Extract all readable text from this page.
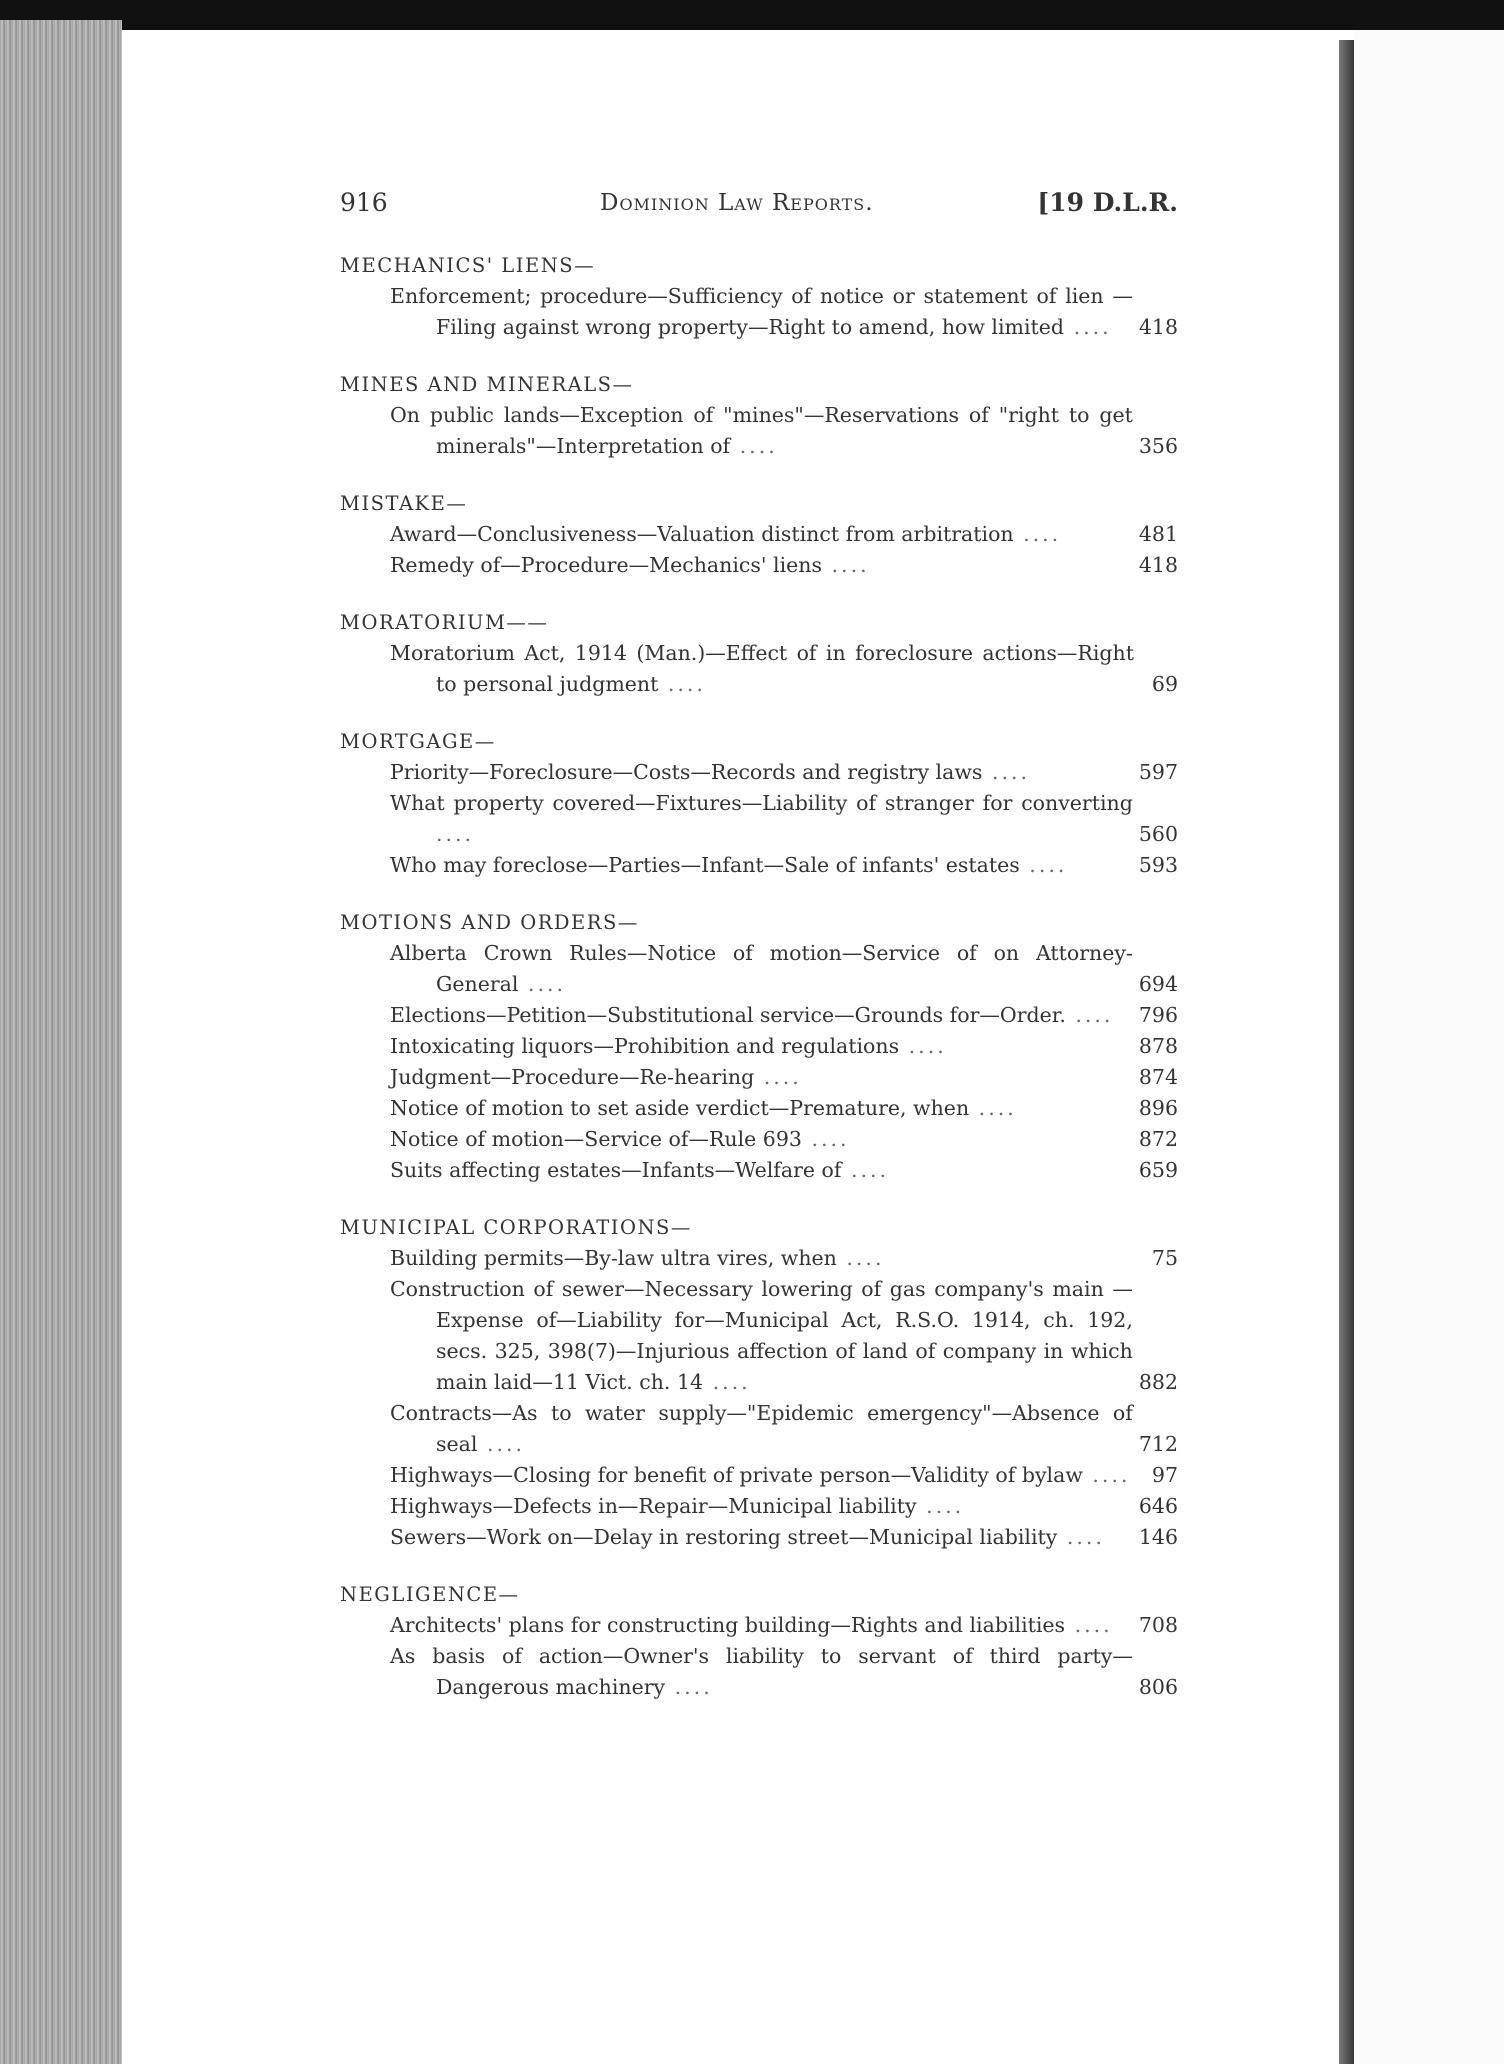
916	Dominion Law Reports.	[19 D.L.R.
MECHANICS' LIENS—
Enforcement; procedure—Sufficiency of notice or statement of lien —Filing against wrong property—Right to amend, how limited ....	418
MINES AND MINERALS—
On public lands—Exception of "mines"—Reservations of "right to get minerals"—Interpretation of ....	356
MISTAKE—
Award—Conclusiveness—Valuation distinct from arbitration ....	481
Remedy of—Procedure—Mechanics' liens ....	418
MORATORIUM——
Moratorium Act, 1914 (Man.)—Effect of in foreclosure actions—Right to personal judgment ....	69
MORTGAGE—
Priority—Foreclosure—Costs—Records and registry laws ....	597
What property covered—Fixtures—Liability of stranger for converting ....	560
Who may foreclose—Parties—Infant—Sale of infants' estates ....	593
MOTIONS AND ORDERS—
Alberta Crown Rules—Notice of motion—Service of on Attorney-General ....	694
Elections—Petition—Substitutional service—Grounds for—Order. ....	796
Intoxicating liquors—Prohibition and regulations ....	878
Judgment—Procedure—Re-hearing ....	874
Notice of motion to set aside verdict—Premature, when ....	896
Notice of motion—Service of—Rule 693 ....	872
Suits affecting estates—Infants—Welfare of ....	659
MUNICIPAL CORPORATIONS—
Building permits—By-law ultra vires, when ....	75
Construction of sewer—Necessary lowering of gas company's main —Expense of—Liability for—Municipal Act, R.S.O. 1914, ch. 192, secs. 325, 398(7)—Injurious affection of land of company in which main laid—11 Vict. ch. 14 ....	882
Contracts—As to water supply—"Epidemic emergency"—Absence of seal ....	712
Highways—Closing for benefit of private person—Validity of bylaw ....	97
Highways—Defects in—Repair—Municipal liability ....	646
Sewers—Work on—Delay in restoring street—Municipal liability ....	146
NEGLIGENCE—
Architects' plans for constructing building—Rights and liabilities ....	708
As basis of action—Owner's liability to servant of third party—Dangerous machinery ....	806
